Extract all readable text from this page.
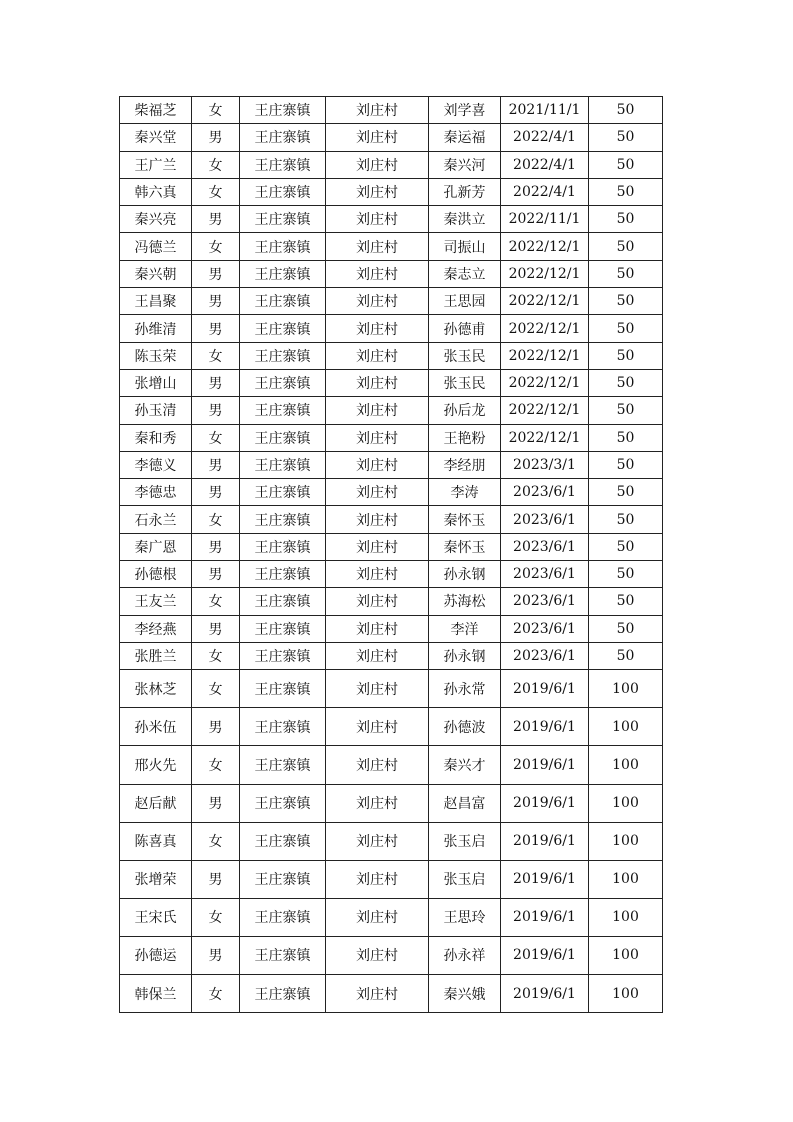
柴福芝	女	王庄寨镇	刘庄村	刘学喜	2021/11/1	50
秦兴堂	男	王庄寨镇	刘庄村	秦运福	2022/4/1	50
王广兰	女	王庄寨镇	刘庄村	秦兴河	2022/4/1	50
韩六真	女	王庄寨镇	刘庄村	孔新芳	2022/4/1	50
秦兴亮	男	王庄寨镇	刘庄村	秦洪立	2022/11/1	50
冯德兰	女	王庄寨镇	刘庄村	司振山	2022/12/1	50
秦兴朝	男	王庄寨镇	刘庄村	秦志立	2022/12/1	50
王昌聚	男	王庄寨镇	刘庄村	王思园	2022/12/1	50
孙维清	男	王庄寨镇	刘庄村	孙德甫	2022/12/1	50
陈玉荣	女	王庄寨镇	刘庄村	张玉民	2022/12/1	50
张增山	男	王庄寨镇	刘庄村	张玉民	2022/12/1	50
孙玉清	男	王庄寨镇	刘庄村	孙后龙	2022/12/1	50
秦和秀	女	王庄寨镇	刘庄村	王艳粉	2022/12/1	50
李德义	男	王庄寨镇	刘庄村	李经朋	2023/3/1	50
李德忠	男	王庄寨镇	刘庄村	李涛	2023/6/1	50
石永兰	女	王庄寨镇	刘庄村	秦怀玉	2023/6/1	50
秦广恩	男	王庄寨镇	刘庄村	秦怀玉	2023/6/1	50
孙德根	男	王庄寨镇	刘庄村	孙永钢	2023/6/1	50
王友兰	女	王庄寨镇	刘庄村	苏海松	2023/6/1	50
李经燕	男	王庄寨镇	刘庄村	李洋	2023/6/1	50
张胜兰	女	王庄寨镇	刘庄村	孙永钢	2023/6/1	50
张林芝	女	王庄寨镇	刘庄村	孙永常	2019/6/1	100
孙米伍	男	王庄寨镇	刘庄村	孙德波	2019/6/1	100
邢火先	女	王庄寨镇	刘庄村	秦兴才	2019/6/1	100
赵后献	男	王庄寨镇	刘庄村	赵昌富	2019/6/1	100
陈喜真	女	王庄寨镇	刘庄村	张玉启	2019/6/1	100
张增荣	男	王庄寨镇	刘庄村	张玉启	2019/6/1	100
王宋氏	女	王庄寨镇	刘庄村	王思玲	2019/6/1	100
孙德运	男	王庄寨镇	刘庄村	孙永祥	2019/6/1	100
韩保兰	女	王庄寨镇	刘庄村	秦兴娥	2019/6/1	100
